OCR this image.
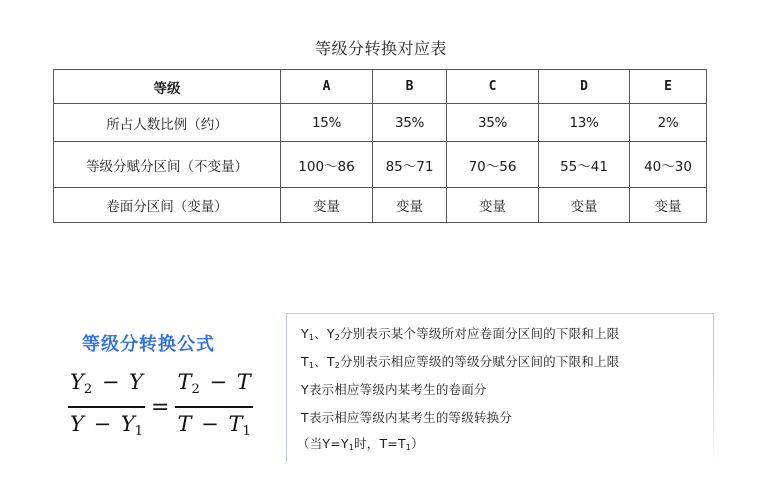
等级分转换对应表
等级	A	B	C	D	E
所占人数比例（约）	15%	35%	35%	13%	2%
等级分赋分区间（不变量）	100～86	85～71	70～56	55～41	40～30
卷面分区间（变量）	变量	变量	变量	变量	变量
等级分转换公式
$\frac{Y_2 - Y}{Y - Y_1} = \frac{T_2 - T}{T - T_1}$
$Y_1$、$Y_2$分别表示某个等级所对应卷面分区间的下限和上限
$T_1$、$T_2$分别表示相应等级的等级分赋分区间的下限和上限
Y表示相应等级内某考生的卷面分
T表示相应等级内某考生的等级转换分
（当$Y=Y_1$时，$T=T_1$）
